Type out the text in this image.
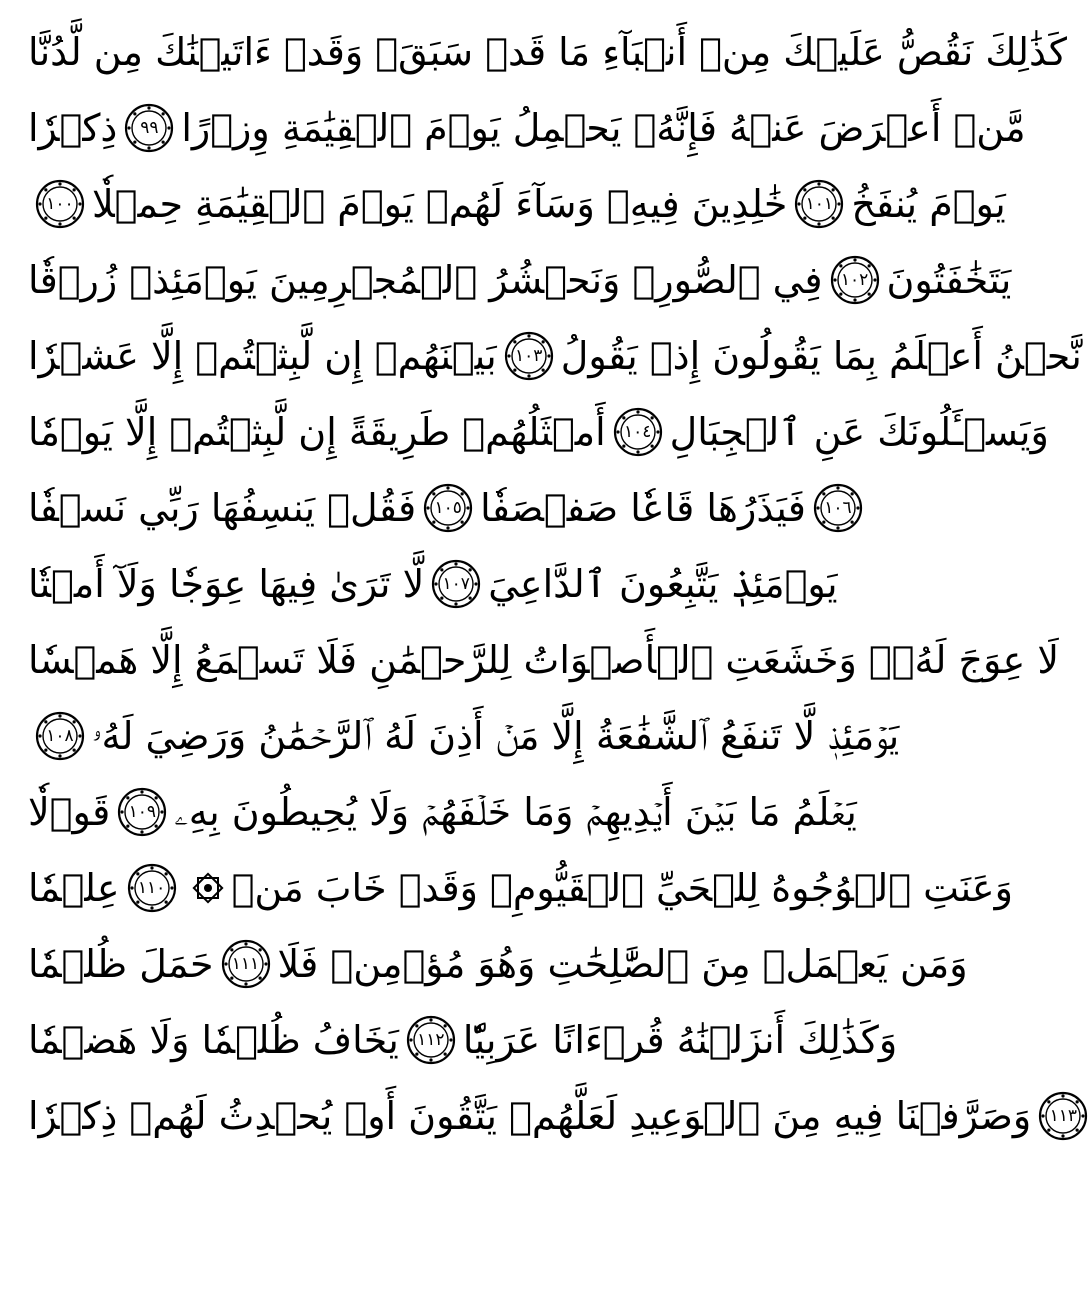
كَذَٰلِكَ نَقُصُّ عَلَيۡكَ مِنۡ أَنۢبَآءِ مَا قَدۡ سَبَقَۚ وَقَدۡ ءَاتَيۡنَٰكَ مِن لَّدُنَّا
ذِكۡرٗا ٩٩ مَّنۡ أَعۡرَضَ عَنۡهُ فَإِنَّهُۥ يَحۡمِلُ يَوۡمَ ٱلۡقِيَٰمَةِ وِزۡرًا
١٠٠ خَٰلِدِينَ فِيهِۖ وَسَآءَ لَهُمۡ يَوۡمَ ٱلۡقِيَٰمَةِ حِمۡلٗا ١٠١ يَوۡمَ يُنفَخُ
فِي ٱلصُّورِۚ وَنَحۡشُرُ ٱلۡمُجۡرِمِينَ يَوۡمَئِذٖ زُرۡقٗا ١٠٢ يَتَخَٰفَتُونَ
بَيۡنَهُمۡ إِن لَّبِثۡتُمۡ إِلَّا عَشۡرٗا ١٠٣ نَّحۡنُ أَعۡلَمُ بِمَا يَقُولُونَ إِذۡ يَقُولُ
أَمۡثَلُهُمۡ طَرِيقَةً إِن لَّبِثۡتُمۡ إِلَّا يَوۡمٗا ١٠٤ وَيَسۡـَٔلُونَكَ عَنِ ٱلۡجِبَالِ
فَقُلۡ يَنسِفُهَا رَبِّي نَسۡفٗا ١٠٥ فَيَذَرُهَا قَاعٗا صَفۡصَفٗا ١٠٦
لَّا تَرَىٰ فِيهَا عِوَجٗا وَلَآ أَمۡتٗا ١٠٧ يَوۡمَئِذٖ يَتَّبِعُونَ ٱلدَّاعِيَ
لَا عِوَجَ لَهُۥۖ وَخَشَعَتِ ٱلۡأَصۡوَاتُ لِلرَّحۡمَٰنِ فَلَا تَسۡمَعُ إِلَّا هَمۡسٗا
١٠٨ يَوۡمَئِذٖ لَّا تَنفَعُ ٱلشَّفَٰعَةُ إِلَّا مَنۡ أَذِنَ لَهُ ٱلرَّحۡمَٰنُ وَرَضِيَ لَهُۥ
قَوۡلٗا ١٠٩ يَعۡلَمُ مَا بَيۡنَ أَيۡدِيهِمۡ وَمَا خَلۡفَهُمۡ وَلَا يُحِيطُونَ بِهِۦ
عِلۡمٗا ١١٠ وَعَنَتِ ٱلۡوُجُوهُ لِلۡحَيِّ ٱلۡقَيُّومِۖ وَقَدۡ خَابَ مَنۡ
حَمَلَ ظُلۡمٗا ١١١ وَمَن يَعۡمَلۡ مِنَ ٱلصَّٰلِحَٰتِ وَهُوَ مُؤۡمِنٞ فَلَا
يَخَافُ ظُلۡمٗا وَلَا هَضۡمٗا ١١٢ وَكَذَٰلِكَ أَنزَلۡنَٰهُ قُرۡءَانًا عَرَبِيّٗا
وَصَرَّفۡنَا فِيهِ مِنَ ٱلۡوَعِيدِ لَعَلَّهُمۡ يَتَّقُونَ أَوۡ يُحۡدِثُ لَهُمۡ ذِكۡرٗا ١١٣
